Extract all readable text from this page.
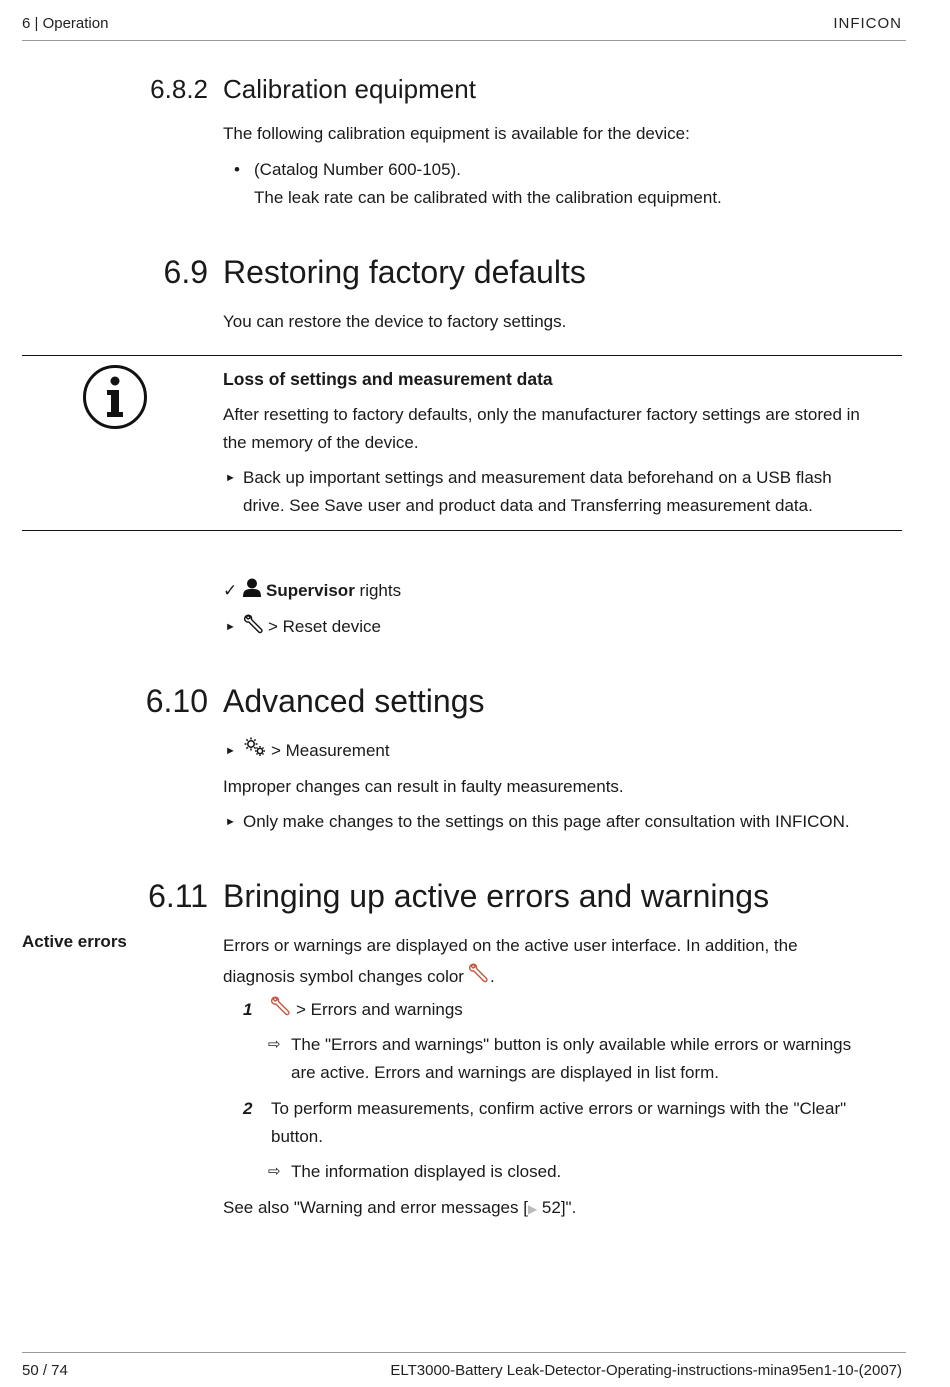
6 | Operation	INFICON
6.8.2 Calibration equipment
The following calibration equipment is available for the device:
• (Catalog Number 600-105).
The leak rate can be calibrated with the calibration equipment.
6.9 Restoring factory defaults
You can restore the device to factory settings.
Loss of settings and measurement data
After resetting to factory defaults, only the manufacturer factory settings are stored in
the memory of the device.
► Back up important settings and measurement data beforehand on a USB flash
drive. See Save user and product data and Transferring measurement data.
✓ Supervisor rights
► > Reset device
6.10 Advanced settings
► > Measurement
Improper changes can result in faulty measurements.
► Only make changes to the settings on this page after consultation with INFICON.
6.11 Bringing up active errors and warnings
Active errors	Errors or warnings are displayed on the active user interface. In addition, the
diagnosis symbol changes color .
1	> Errors and warnings
⇨ The "Errors and warnings" button is only available while errors or warnings
are active. Errors and warnings are displayed in list form.
2 To perform measurements, confirm active errors or warnings with the "Clear"
button.
⇨ The information displayed is closed.
See also "Warning and error messages [▶ 52]".
50 / 74	ELT3000-Battery Leak-Detector-Operating-instructions-mina95en1-10-(2007)
